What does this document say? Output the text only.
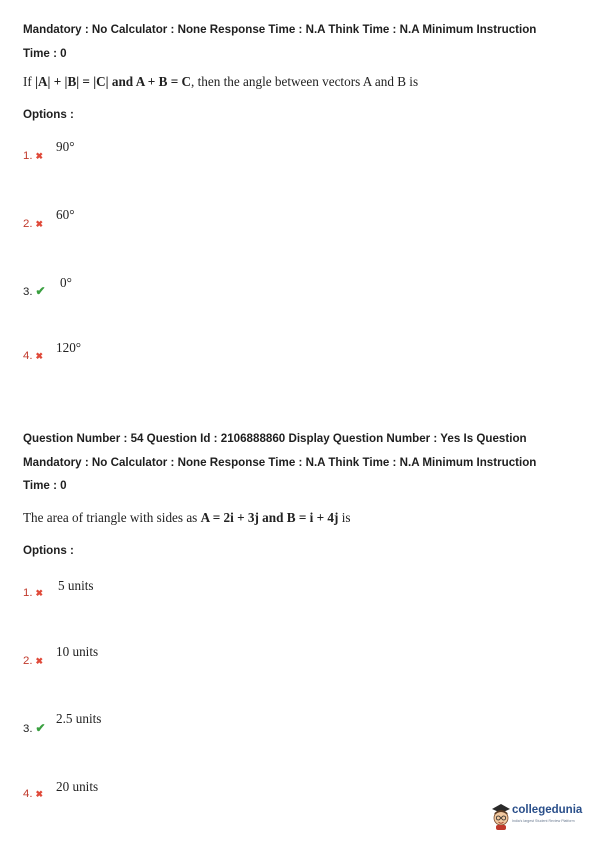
Mandatory : No Calculator : None Response Time : N.A Think Time : N.A Minimum Instruction
Time : 0
If |A| + |B| = |C| and A + B = C, then the angle between vectors A and B is
Options :
1. ✖
90°
2. ✖
60°
3. ✔
0°
4. ✖
120°
Question Number : 54 Question Id : 2106888860 Display Question Number : Yes Is Question
Mandatory : No Calculator : None Response Time : N.A Think Time : N.A Minimum Instruction
Time : 0
The area of triangle with sides as A = 2i + 3j and B = i + 4j is
Options :
1. ✖ 5 units
2. ✖
10 units
3. ✔
2.5 units
4. ✖ 20 units
collegedunia
India's largest Student Review Platform
